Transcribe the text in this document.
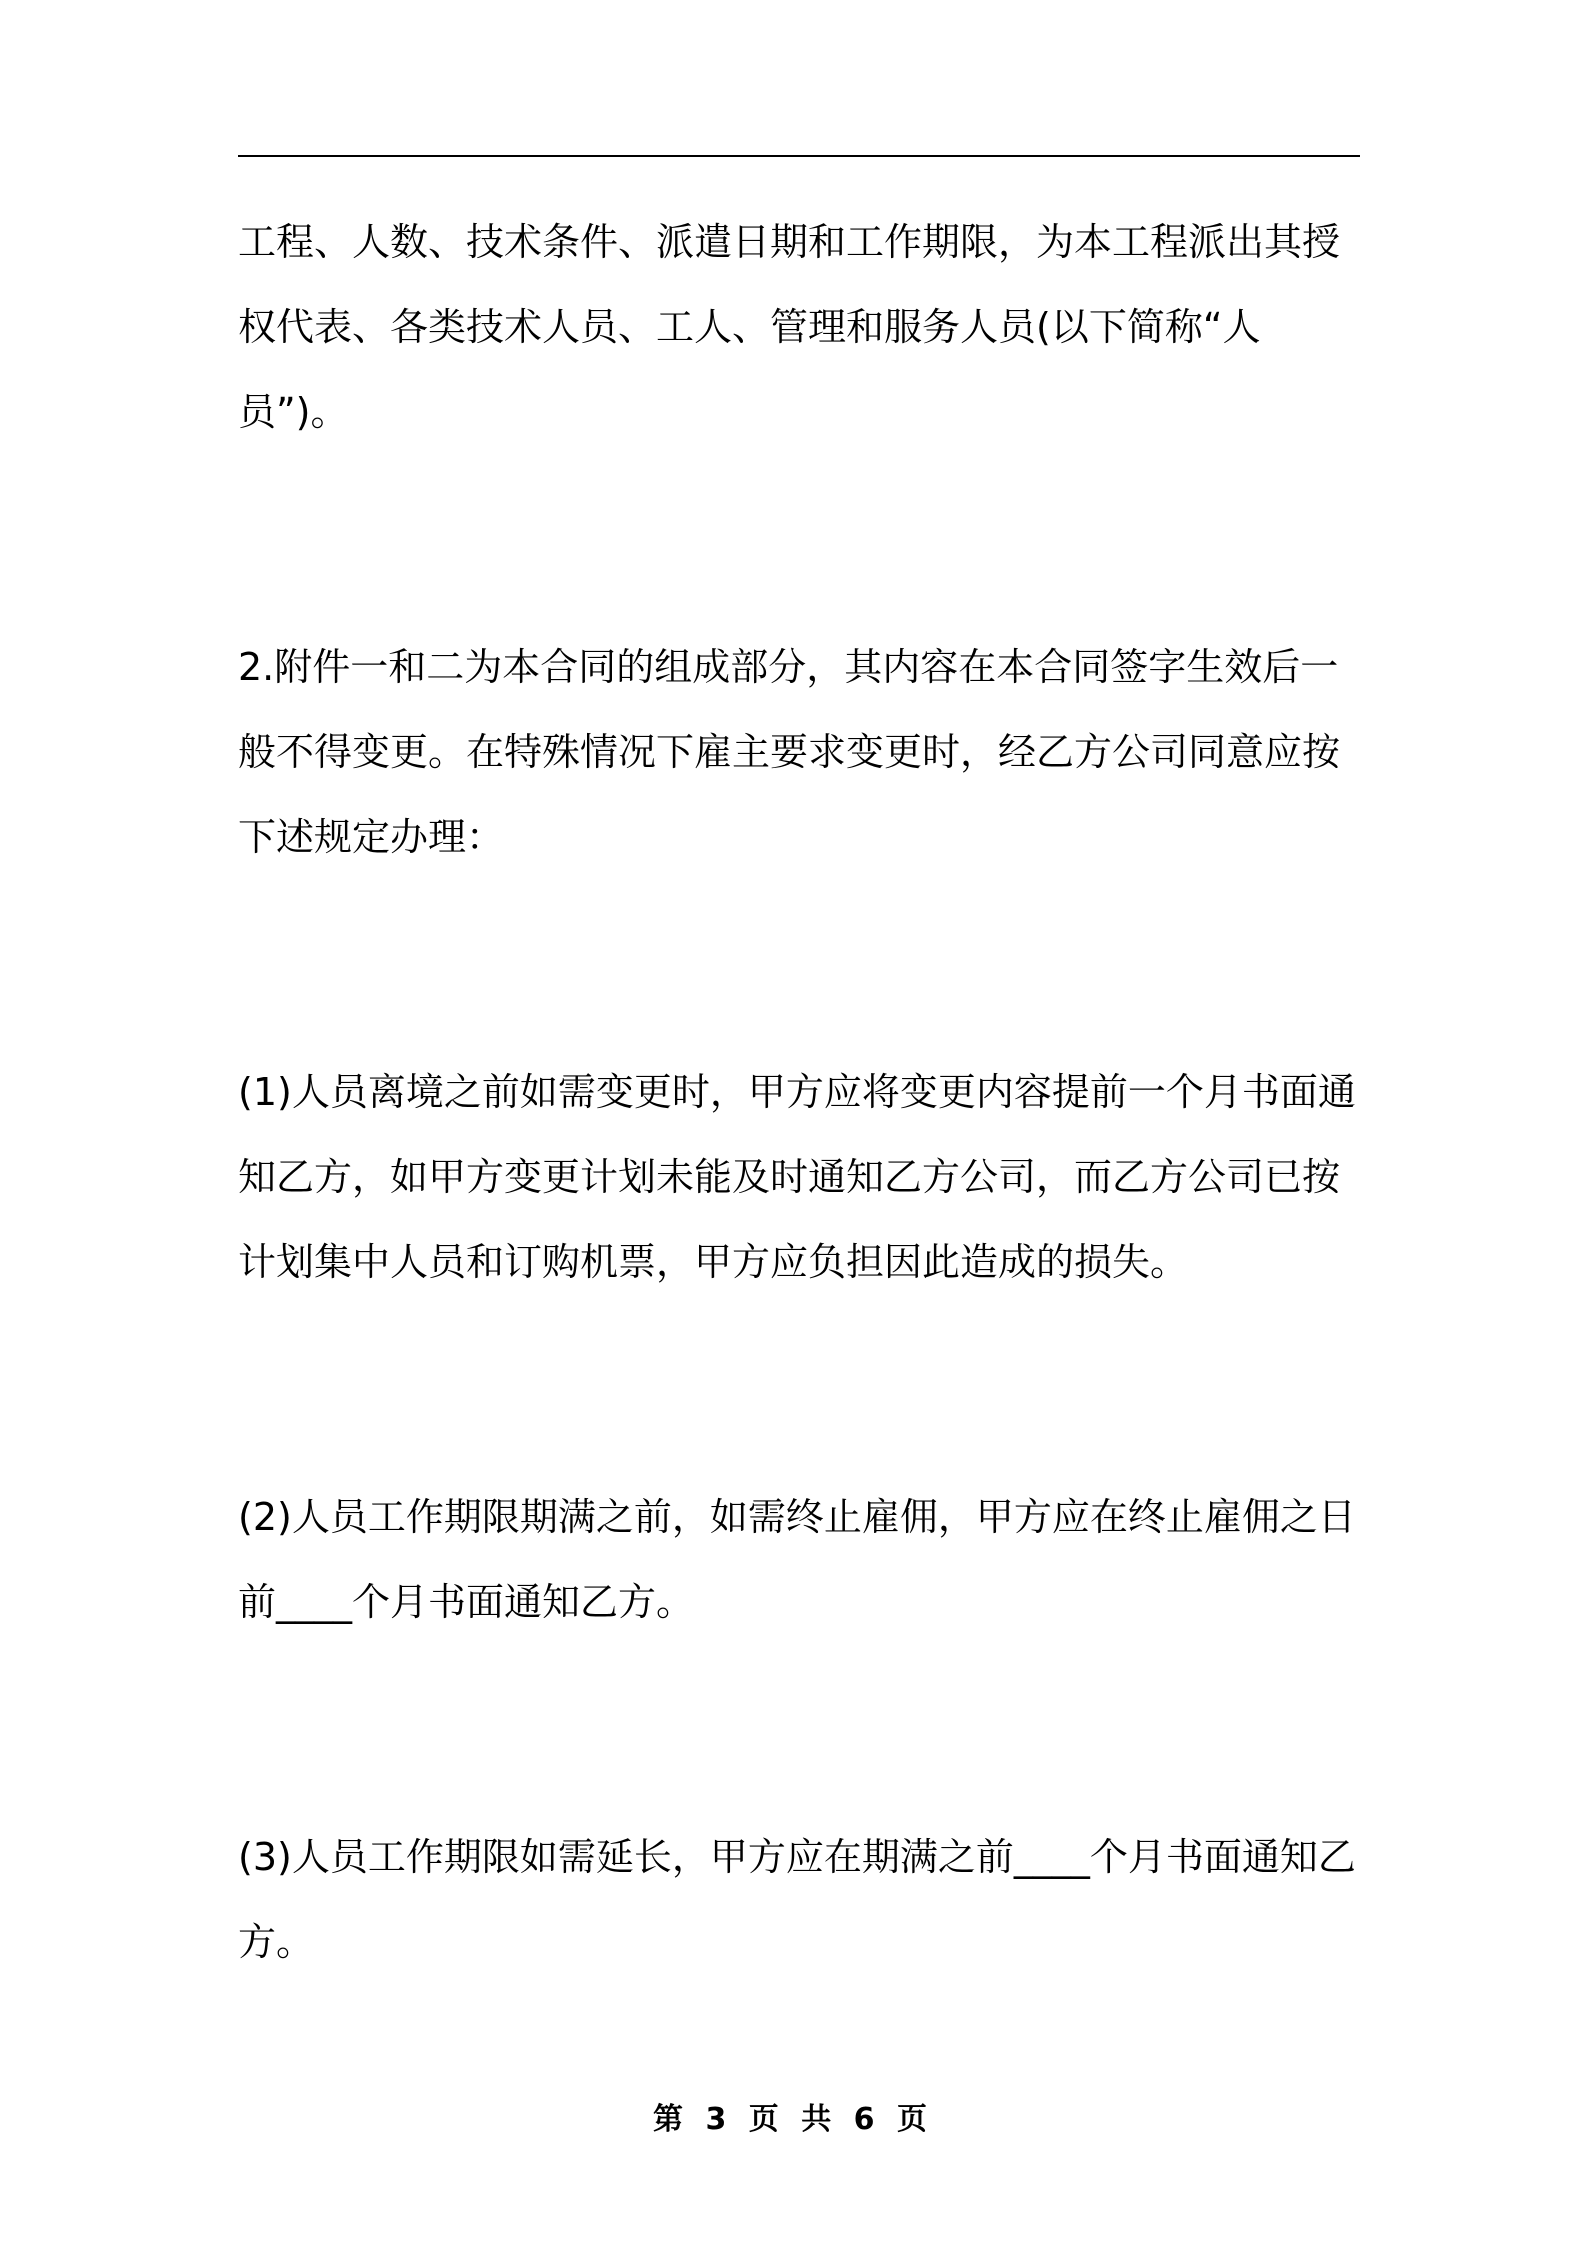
工程、人数、技术条件、派遣日期和工作期限，为本工程派出其授权代表、各类技术人员、工人、管理和服务人员(以下简称“人员”)。

2.附件一和二为本合同的组成部分，其内容在本合同签字生效后一般不得变更。在特殊情况下雇主要求变更时，经乙方公司同意应按下述规定办理：

(1)人员离境之前如需变更时，甲方应将变更内容提前一个月书面通知乙方，如甲方变更计划未能及时通知乙方公司，而乙方公司已按计划集中人员和订购机票，甲方应负担因此造成的损失。

(2)人员工作期限期满之前，如需终止雇佣，甲方应在终止雇佣之日前____个月书面通知乙方。

(3)人员工作期限如需延长，甲方应在期满之前____个月书面通知乙方。

第 3 页 共 6 页
